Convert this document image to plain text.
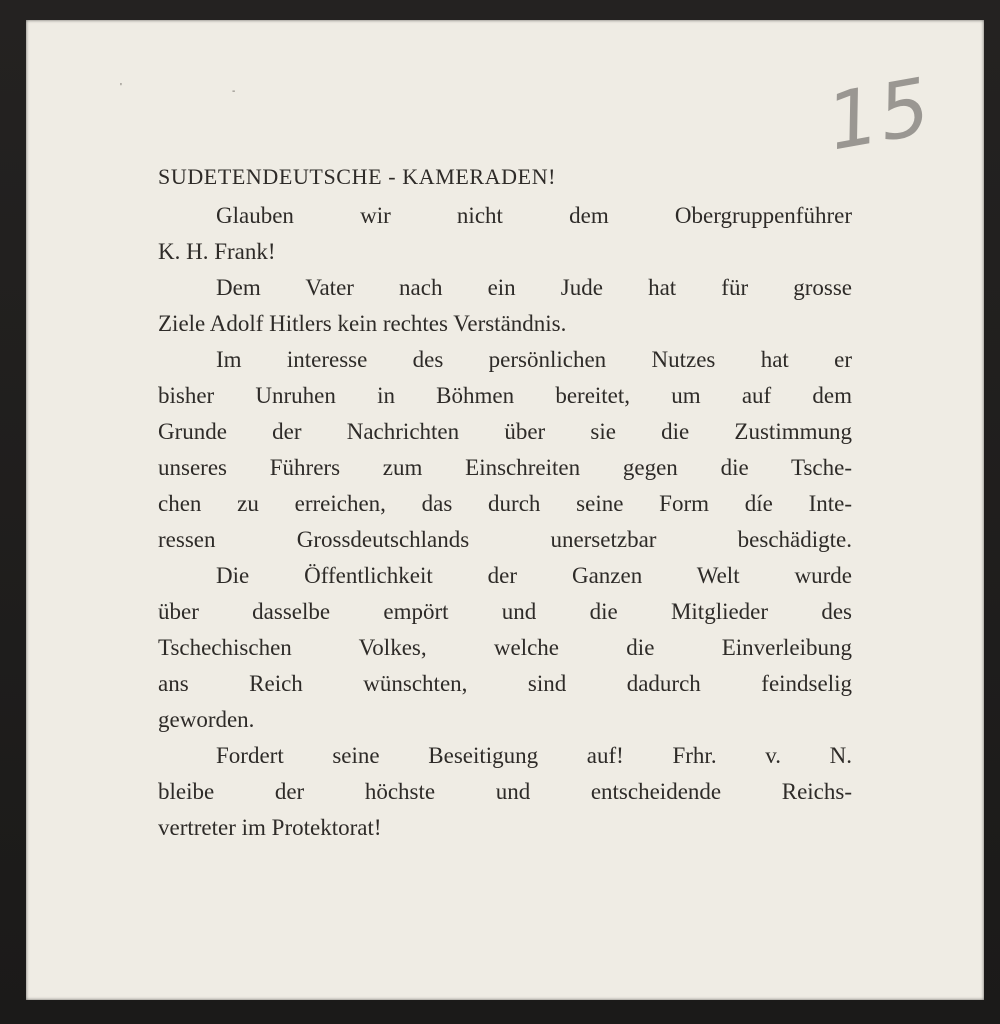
'	-	15
SUDETENDEUTSCHE - KAMERADEN!
Glauben wir nicht dem Obergruppenführer
K. H. Frank!
Dem Vater nach ein Jude hat für grosse
Ziele Adolf Hitlers kein rechtes Verständnis.
Im interesse des persönlichen Nutzes hat er
bisher Unruhen in Böhmen bereitet, um auf dem
Grunde der Nachrichten über sie die Zustimmung
unseres Führers zum Einschreiten gegen die Tsche-
chen zu erreichen, das durch seine Form díe Inte-
ressen Grossdeutschlands unersetzbar beschädigte.
Die Öffentlichkeit der Ganzen Welt wurde
über dasselbe empört und die Mitglieder des
Tschechischen Volkes, welche die Einverleibung
ans Reich wünschten, sind dadurch feindselig
geworden.
Fordert seine Beseitigung auf! Frhr. v. N.
bleibe der höchste und entscheidende Reichs-
vertreter im Protektorat!
